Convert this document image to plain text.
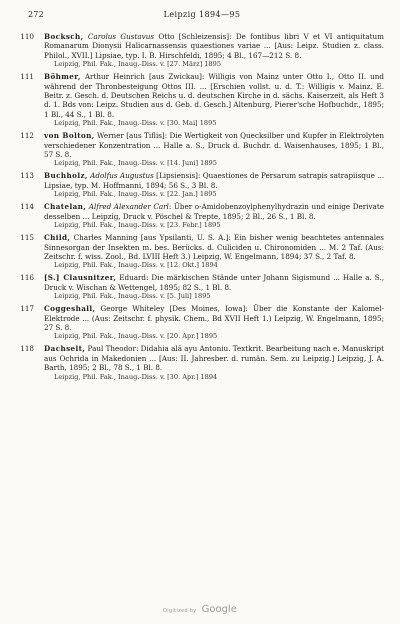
272	Leipzig 1894—95
110 Bocksch, Carolus Gustavus Otto [Schleizensis]: De fontibus libri V et VI antiquitatum Romanarum Dionysii Halicarnassensis quaestiones variae ... [Aus: Leipz. Studien z. class. Philol., XVII.] Lipsiae, typ. I. B. Hirschfeldi, 1895; 4 Bl., 167—212 S. 8.
Leipzig, Phil. Fak., Inaug.-Diss. v. [27. März] 1895
111 Böhmer, Arthur Heinrich [aus Zwickau]: Willigis von Mainz unter Otto I., Otto II. und während der Thronbesteigung Ottos III. ... [Erschien vollst. u. d. T.: Willigis v. Mainz. E. Beitr. z. Gesch. d. Deutschen Reichs u. d. deutschen Kirche in d. sächs. Kaiserzeit, als Heft 3 d. 1. Bds von: Leipz. Studien aus d. Geb. d. Gesch.] Altenburg, Pierer'sche Hofbuchdr., 1895; 1 Bl., 44 S., 1 Bl. 8.
Leipzig, Phil. Fak., Inaug.-Diss. v. [30. Mai] 1895
112 von Bolton, Werner [aus Tiflis]: Die Wertigkeit von Quecksilber und Kupfer in Elektrolyten verschiedener Konzentration ... Halle a. S., Druck d. Buchdr. d. Waisenhauses, 1895; 1 Bl., 57 S. 8.
Leipzig, Phil. Fak., Inaug.-Diss. v. [14. Juni] 1895
113 Buchholz, Adolfus Augustus [Lipsiensis]: Quaestiones de Persarum satrapis satrapiisque ... Lipsiae, typ. M. Hoffmanni, 1894; 56 S., 3 Bl. 8.
Leipzig, Phil. Fak., Inaug.-Diss. v. [22. Jan.] 1895
114 Chatelan, Alfred Alexander Carl: Über o-Amidobenzoylphenylhydrazin und einige Derivate desselben ... Leipzig, Druck v. Pöschel & Trepte, 1895; 2 Bl., 26 S., 1 Bl. 8.
Leipzig, Phil. Fak., Inaug.-Diss. v. [23. Febr.] 1895
115 Child, Charles Manning [aus Ypsilanti, U. S. A.]: Ein bisher wenig beachtetes antennales Sinnesorgan der Insekten m. bes. Berücks. d. Culiciden u. Chironomiden ... M. 2 Taf. (Aus: Zeitschr. f. wiss. Zool., Bd. LVIII Heft 3.) Leipzig, W. Engelmann, 1894; 37 S., 2 Taf. 8.
Leipzig, Phil. Fak., Inaug.-Diss. v. [12. Okt.] 1894
116 [S.] Clausnitzer, Eduard: Die märkischen Stände unter Johann Sigismund ... Halle a. S., Druck v. Wischan & Wettengel, 1895; 82 S., 1 Bl. 8.
Leipzig, Phil. Fak., Inaug.-Diss. v. [5. Juli] 1895
117 Coggeshall, George Whiteley [Des Moines, Iowa]: Über die Konstante der Kalomel-Elektrode ... (Aus: Zeitschr. f. physik. Chem., Bd XVII Heft 1.) Leipzig, W. Engelmann, 1895; 27 S. 8.
Leipzig, Phil. Fak., Inaug.-Diss. v. [20. Apr.] 1895
118 Dachselt, Paul Theodor: Didahia ală ayu Antoniu. Textkrit. Bearbeitung nach e. Manuskript aus Ochrida in Makedonien ... [Aus: II. Jahresber. d. rumän. Sem. zu Leipzig.] Leipzig, J. A. Barth, 1895; 2 Bl., 78 S., 1 Bl. 8.
Leipzig, Phil. Fak., Inaug.-Diss. v. [30. Apr.] 1894
Digitized by Google
